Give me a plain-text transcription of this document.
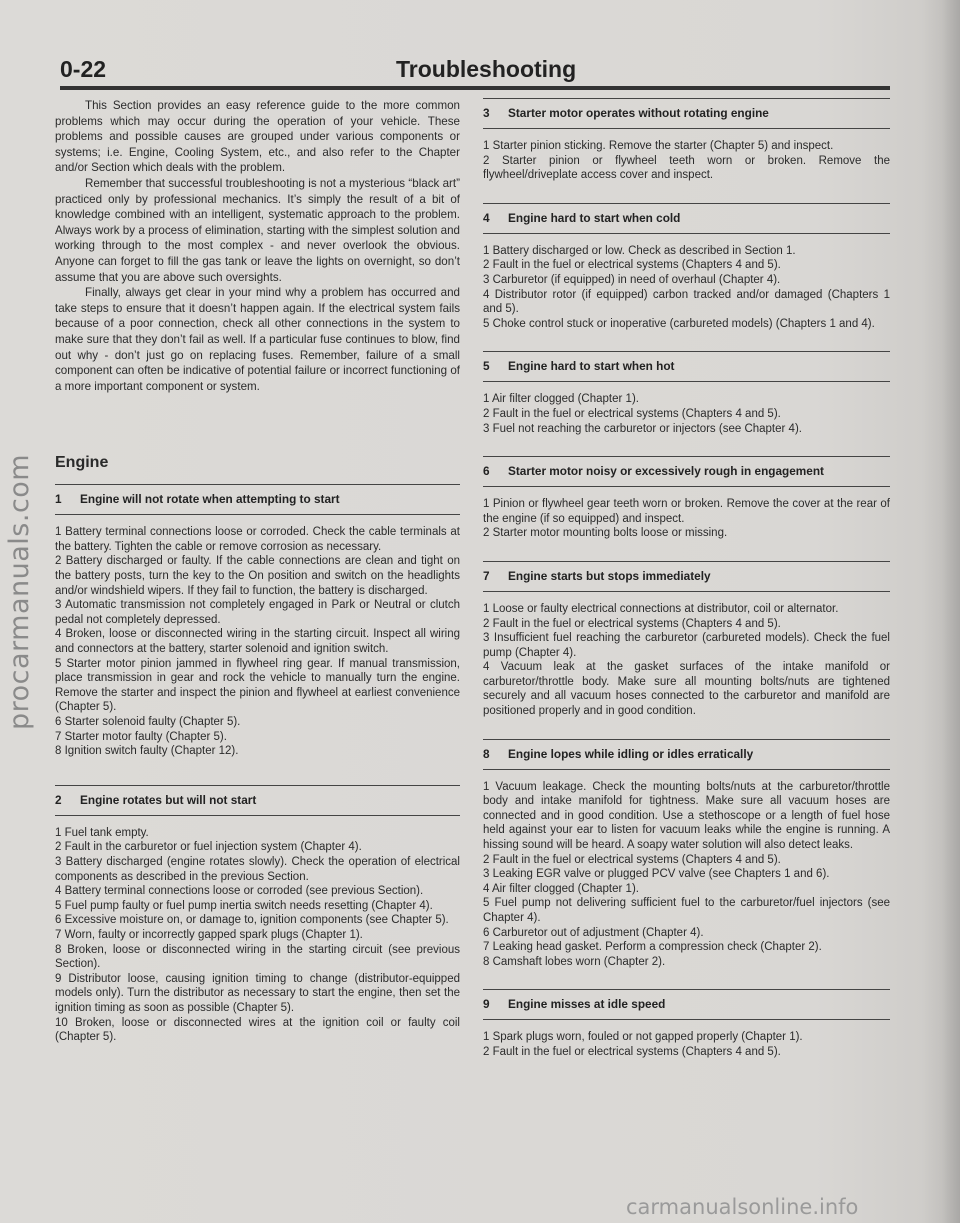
0-22	Troubleshooting

This Section provides an easy reference guide to the more common problems which may occur during the operation of your vehicle. These problems and possible causes are grouped under various components or systems; i.e. Engine, Cooling System, etc., and also refer to the Chapter and/or Section which deals with the problem.

Remember that successful troubleshooting is not a mysterious “black art” practiced only by professional mechanics. It’s simply the result of a bit of knowledge combined with an intelligent, systematic approach to the problem. Always work by a process of elimination, starting with the simplest solution and working through to the most complex - and never overlook the obvious. Anyone can forget to fill the gas tank or leave the lights on overnight, so don’t assume that you are above such oversights.

Finally, always get clear in your mind why a problem has occurred and take steps to ensure that it doesn’t happen again. If the electrical system fails because of a poor connection, check all other connections in the system to make sure that they don’t fail as well. If a particular fuse continues to blow, find out why - don’t just go on replacing fuses. Remember, failure of a small component can often be indicative of potential failure or incorrect functioning of a more important component or system.

Engine
1 Engine will not rotate when attempting to start

1 Battery terminal connections loose or corroded. Check the cable terminals at the battery. Tighten the cable or remove corrosion as necessary.

2 Battery discharged or faulty. If the cable connections are clean and tight on the battery posts, turn the key to the On position and switch on the headlights and/or windshield wipers. If they fail to function, the battery is discharged.

3 Automatic transmission not completely engaged in Park or Neutral or clutch pedal not completely depressed.

4 Broken, loose or disconnected wiring in the starting circuit. Inspect all wiring and connectors at the battery, starter solenoid and ignition switch.

5 Starter motor pinion jammed in flywheel ring gear. If manual transmission, place transmission in gear and rock the vehicle to manually turn the engine. Remove the starter and inspect the pinion and flywheel at earliest convenience (Chapter 5).

6 Starter solenoid faulty (Chapter 5).

7 Starter motor faulty (Chapter 5).

8 Ignition switch faulty (Chapter 12).

2 Engine rotates but will not start

1 Fuel tank empty.

2 Fault in the carburetor or fuel injection system (Chapter 4).

3 Battery discharged (engine rotates slowly). Check the operation of electrical components as described in the previous Section.

4 Battery terminal connections loose or corroded (see previous Section).

5 Fuel pump faulty or fuel pump inertia switch needs resetting (Chapter 4).

6 Excessive moisture on, or damage to, ignition components (see Chapter 5).

7 Worn, faulty or incorrectly gapped spark plugs (Chapter 1).

8 Broken, loose or disconnected wiring in the starting circuit (see previous Section).

9 Distributor loose, causing ignition timing to change (distributor-equipped models only). Turn the distributor as necessary to start the engine, then set the ignition timing as soon as possible (Chapter 5).

10 Broken, loose or disconnected wires at the ignition coil or faulty coil (Chapter 5).

3 Starter motor operates without rotating engine

1 Starter pinion sticking. Remove the starter (Chapter 5) and inspect.

2 Starter pinion or flywheel teeth worn or broken. Remove the flywheel/driveplate access cover and inspect.

4 Engine hard to start when cold

1 Battery discharged or low. Check as described in Section 1.

2 Fault in the fuel or electrical systems (Chapters 4 and 5).

3 Carburetor (if equipped) in need of overhaul (Chapter 4).

4 Distributor rotor (if equipped) carbon tracked and/or damaged (Chapters 1 and 5).

5 Choke control stuck or inoperative (carbureted models) (Chapters 1 and 4).

5 Engine hard to start when hot

1 Air filter clogged (Chapter 1).

2 Fault in the fuel or electrical systems (Chapters 4 and 5).

3 Fuel not reaching the carburetor or injectors (see Chapter 4).

6 Starter motor noisy or excessively rough in engagement

1 Pinion or flywheel gear teeth worn or broken. Remove the cover at the rear of the engine (if so equipped) and inspect.

2 Starter motor mounting bolts loose or missing.

7 Engine starts but stops immediately

1 Loose or faulty electrical connections at distributor, coil or alternator.

2 Fault in the fuel or electrical systems (Chapters 4 and 5).

3 Insufficient fuel reaching the carburetor (carbureted models). Check the fuel pump (Chapter 4).

4 Vacuum leak at the gasket surfaces of the intake manifold or carburetor/throttle body. Make sure all mounting bolts/nuts are tightened securely and all vacuum hoses connected to the carburetor and manifold are positioned properly and in good condition.

8 Engine lopes while idling or idles erratically

1 Vacuum leakage. Check the mounting bolts/nuts at the carburetor/throttle body and intake manifold for tightness. Make sure all vacuum hoses are connected and in good condition. Use a stethoscope or a length of fuel hose held against your ear to listen for vacuum leaks while the engine is running. A hissing sound will be heard. A soapy water solution will also detect leaks.

2 Fault in the fuel or electrical systems (Chapters 4 and 5).

3 Leaking EGR valve or plugged PCV valve (see Chapters 1 and 6).

4 Air filter clogged (Chapter 1).

5 Fuel pump not delivering sufficient fuel to the carburetor/fuel injectors (see Chapter 4).

6 Carburetor out of adjustment (Chapter 4).

7 Leaking head gasket. Perform a compression check (Chapter 2).

8 Camshaft lobes worn (Chapter 2).

9 Engine misses at idle speed

1 Spark plugs worn, fouled or not gapped properly (Chapter 1).

2 Fault in the fuel or electrical systems (Chapters 4 and 5).

procarmanuals.com
carmanualsonline.info
